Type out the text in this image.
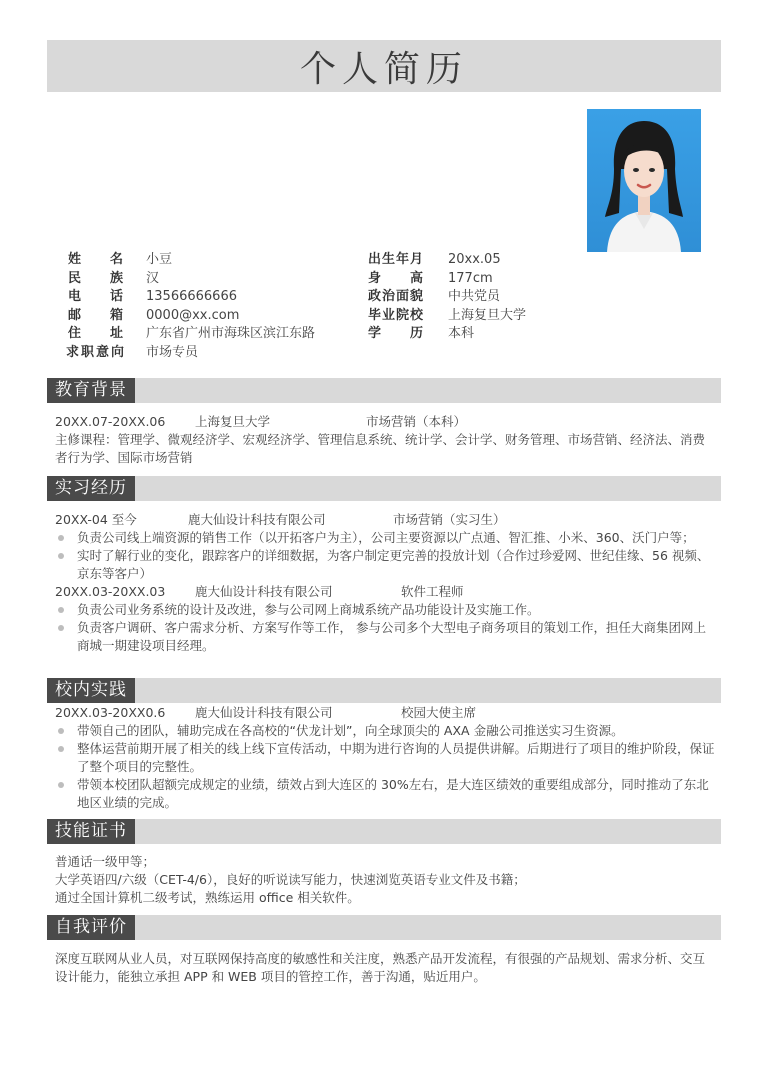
个人简历
姓 名 小豆	出生年月 20xx.05
民 族 汉	身 高 177cm
电 话 13566666666	政治面貌 中共党员
邮 箱 0000@xx.com	毕业院校 上海复旦大学
住 址 广东省广州市海珠区滨江东路	学 历 本科
求职意向 市场专员
教育背景
20XX.07-20XX.06 上海复旦大学	市场营销（本科）
主修课程：管理学、微观经济学、宏观经济学、管理信息系统、统计学、会计学、财务管理、市场营销、经济法、消费者行为学、国际市场营销
实习经历
20XX-04 至今	鹿大仙设计科技有限公司	市场营销（实习生）
负责公司线上端资源的销售工作（以开拓客户为主），公司主要资源以广点通、智汇推、小米、360、沃门户等；
实时了解行业的变化，跟踪客户的详细数据，为客户制定更完善的投放计划（合作过珍爱网、世纪佳缘、56 视频、京东等客户）
20XX.03-20XX.03 鹿大仙设计科技有限公司	软件工程师
负责公司业务系统的设计及改进，参与公司网上商城系统产品功能设计及实施工作。
负责客户调研、客户需求分析、方案写作等工作， 参与公司多个大型电子商务项目的策划工作，担任大商集团网上商城一期建设项目经理。
校内实践
20XX.03-20XX0.6 鹿大仙设计科技有限公司	校园大使主席
带领自己的团队，辅助完成在各高校的“伏龙计划”，向全球顶尖的 AXA 金融公司推送实习生资源。
整体运营前期开展了相关的线上线下宣传活动，中期为进行咨询的人员提供讲解。后期进行了项目的维护阶段，保证了整个项目的完整性。
带领本校团队超额完成规定的业绩，绩效占到大连区的 30%左右，是大连区绩效的重要组成部分，同时推动了东北地区业绩的完成。
技能证书
普通话一级甲等；
大学英语四/六级（CET-4/6），良好的听说读写能力，快速浏览英语专业文件及书籍；
通过全国计算机二级考试，熟练运用 office 相关软件。
自我评价
深度互联网从业人员，对互联网保持高度的敏感性和关注度，熟悉产品开发流程，有很强的产品规划、需求分析、交互设计能力，能独立承担 APP 和 WEB 项目的管控工作，善于沟通，贴近用户。
